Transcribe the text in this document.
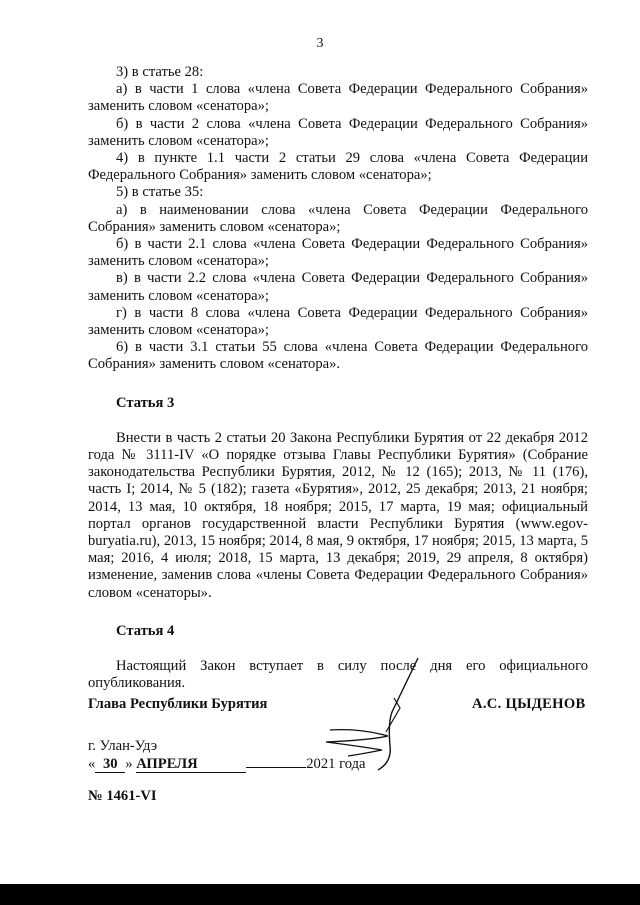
3

3) в статье 28:

а) в части 1 слова «члена Совета Федерации Федерального Собрания» заменить словом «сенатора»;

б) в части 2 слова «члена Совета Федерации Федерального Собрания» заменить словом «сенатора»;

4) в пункте 1.1 части 2 статьи 29 слова «члена Совета Федерации Федерального Собрания» заменить словом «сенатора»;

5) в статье 35:

а) в наименовании слова «члена Совета Федерации Федерального Собрания» заменить словом «сенатора»;

б) в части 2.1 слова «члена Совета Федерации Федерального Собрания» заменить словом «сенатора»;

в) в части 2.2 слова «члена Совета Федерации Федерального Собрания» заменить словом «сенатора»;

г) в части 8 слова «члена Совета Федерации Федерального Собрания» заменить словом «сенатора»;

6) в части 3.1 статьи 55 слова «члена Совета Федерации Федерального Собрания» заменить словом «сенатора».

Статья 3

Внести в часть 2 статьи 20 Закона Республики Бурятия от 22 декабря 2012 года № 3111-IV «О порядке отзыва Главы Республики Бурятия» (Собрание законодательства Республики Бурятия, 2012, № 12 (165); 2013, № 11 (176), часть I; 2014, № 5 (182); газета «Бурятия», 2012, 25 декабря; 2013, 21 ноября; 2014, 13 мая, 10 октября, 18 ноября; 2015, 17 марта, 19 мая; официальный портал органов государственной власти Республики Бурятия (www.egov-buryatia.ru), 2013, 15 ноября; 2014, 8 мая, 9 октября, 17 ноября; 2015, 13 марта, 5 мая; 2016, 4 июля; 2018, 15 марта, 13 декабря; 2019, 29 апреля, 8 октября) изменение, заменив слова «члены Совета Федерации Федерального Собрания» словом «сенаторы».

Статья 4

Настоящий Закон вступает в силу после дня его официального опубликования.

Глава Республики Бурятия	А.С. ЦЫДЕНОВ
г. Улан-Удэ
« 30 » АПРЕЛЯ	2021 года
№ 1461-VI
